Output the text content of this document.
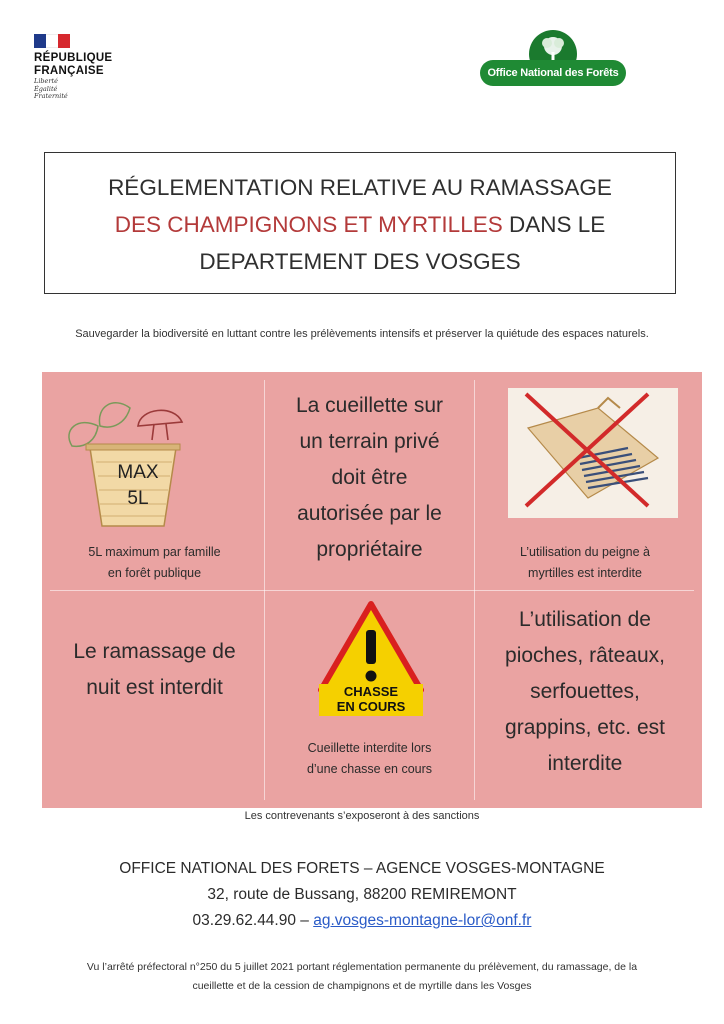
RÉPUBLIQUE
FRANÇAISE
Liberté
Égalité
Fraternité
Office National des Forêts
RÉGLEMENTATION RELATIVE AU RAMASSAGE
DES CHAMPIGNONS ET MYRTILLES DANS LE
DEPARTEMENT DES VOSGES
Sauvegarder la biodiversité en luttant contre les prélèvements intensifs et préserver la quiétude des espaces naturels.
MAX
5L
5L maximum par famille
en forêt publique
La cueillette sur
un terrain privé
doit être
autorisée par le
propriétaire	L’utilisation du peigne à
myrtilles est interdite
Le ramassage de
nuit est interdit	CHASSE
EN COURS
Cueillette interdite lors
d’une chasse en cours
L’utilisation de
pioches, râteaux,
serfouettes,
grappins, etc. est
interdite
Les contrevenants s’exposeront à des sanctions
OFFICE NATIONAL DES FORETS – AGENCE VOSGES-MONTAGNE
32, route de Bussang, 88200 REMIREMONT
03.29.62.44.90 – ag.vosges-montagne-lor@onf.fr
Vu l’arrêté préfectoral n°250 du 5 juillet 2021 portant réglementation permanente du prélèvement, du ramassage, de la
cueillette et de la cession de champignons et de myrtille dans les Vosges
